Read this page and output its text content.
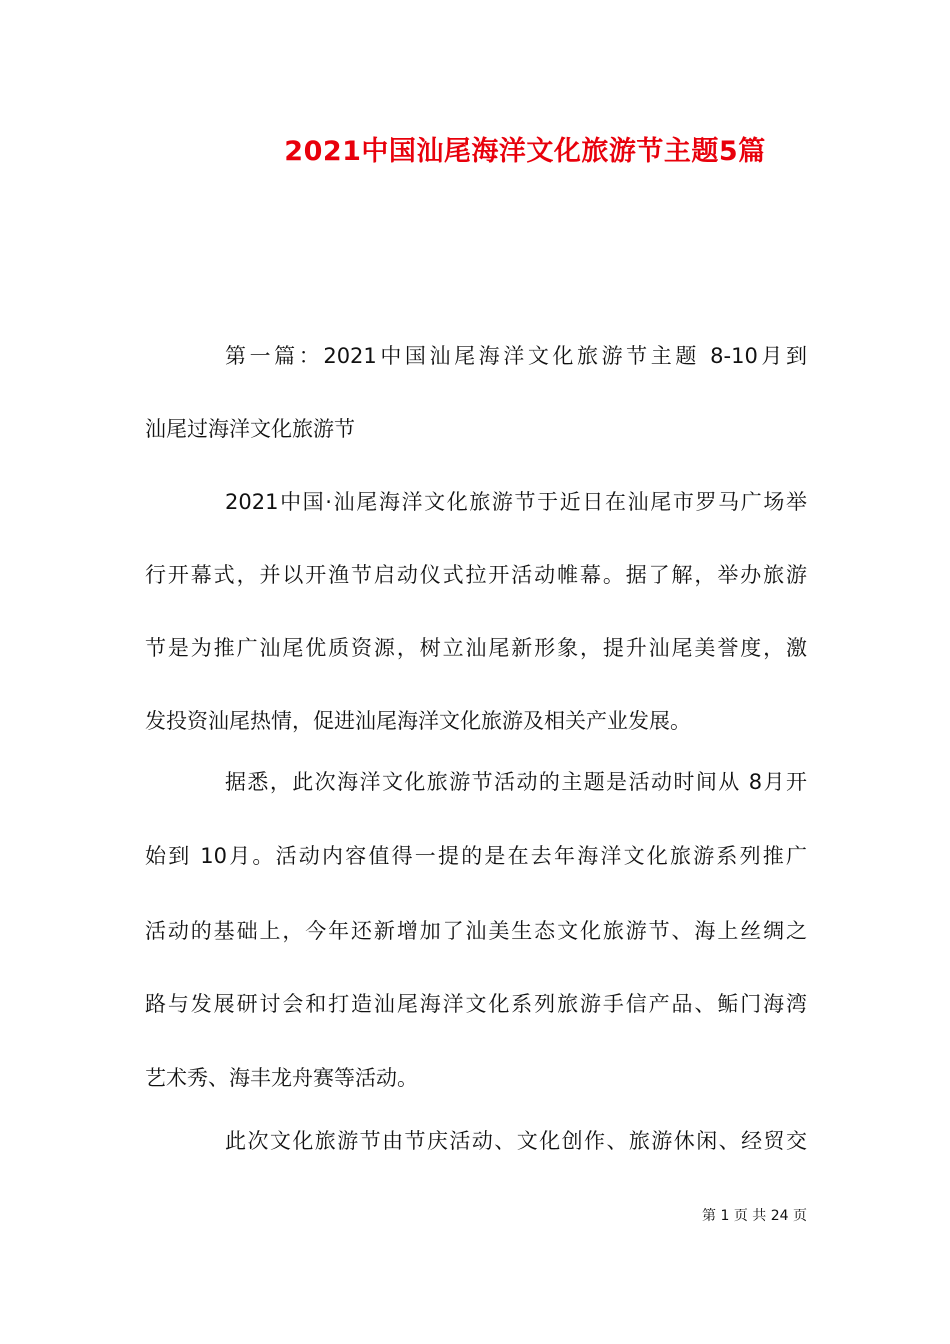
2021中国汕尾海洋文化旅游节主题5篇
第一篇：2021中国汕尾海洋文化旅游节主题 8-10月到
汕尾过海洋文化旅游节
2021中国·汕尾海洋文化旅游节于近日在汕尾市罗马广场举
行开幕式，并以开渔节启动仪式拉开活动帷幕。据了解，举办旅游
节是为推广汕尾优质资源，树立汕尾新形象，提升汕尾美誉度，激
发投资汕尾热情，促进汕尾海洋文化旅游及相关产业发展。
据悉，此次海洋文化旅游节活动的主题是活动时间从 8月开
始到 10月。活动内容值得一提的是在去年海洋文化旅游系列推广
活动的基础上，今年还新增加了汕美生态文化旅游节、海上丝绸之
路与发展研讨会和打造汕尾海洋文化系列旅游手信产品、鲘门海湾
艺术秀、海丰龙舟赛等活动。
此次文化旅游节由节庆活动、文化创作、旅游休闲、经贸交
第 1 页 共 24 页
